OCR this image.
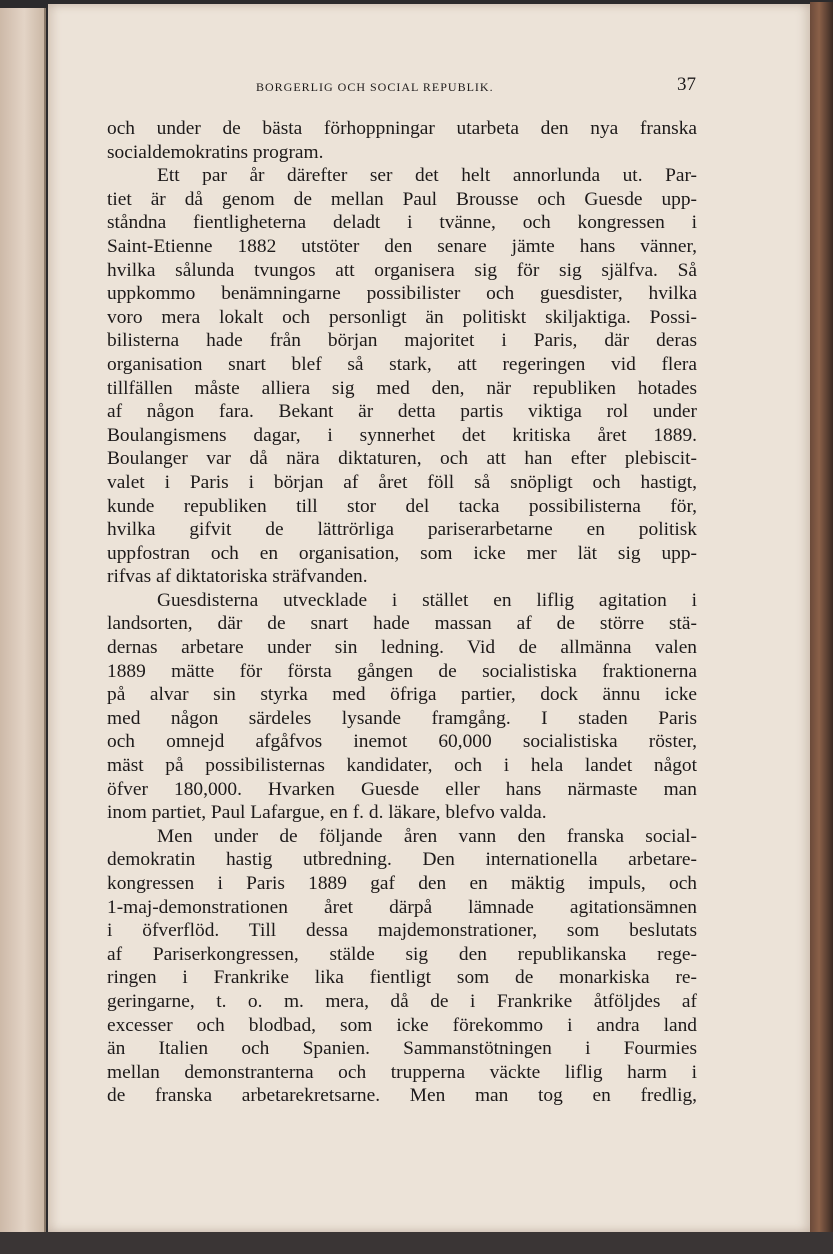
BORGERLIG OCH SOCIAL REPUBLIK.	37
och under de bästa förhoppningar utarbeta den nya franska
socialdemokratins program.
Ett par år därefter ser det helt annorlunda ut. Par-
tiet är då genom de mellan Paul Brousse och Guesde upp-
ståndna fientligheterna deladt i tvänne, och kongressen i
Saint-Etienne 1882 utstöter den senare jämte hans vänner,
hvilka sålunda tvungos att organisera sig för sig själfva. Så
uppkommo benämningarne possibilister och guesdister, hvilka
voro mera lokalt och personligt än politiskt skiljaktiga. Possi-
bilisterna hade från början majoritet i Paris, där deras
organisation snart blef så stark, att regeringen vid flera
tillfällen måste alliera sig med den, när republiken hotades
af någon fara. Bekant är detta partis viktiga rol under
Boulangismens dagar, i synnerhet det kritiska året 1889.
Boulanger var då nära diktaturen, och att han efter plebiscit-
valet i Paris i början af året föll så snöpligt och hastigt,
kunde republiken till stor del tacka possibilisterna för,
hvilka gifvit de lättrörliga pariserarbetarne en politisk
uppfostran och en organisation, som icke mer lät sig upp-
rifvas af diktatoriska sträfvanden.
Guesdisterna utvecklade i stället en liflig agitation i
landsorten, där de snart hade massan af de större stä-
dernas arbetare under sin ledning. Vid de allmänna valen
1889 mätte för första gången de socialistiska fraktionerna
på alvar sin styrka med öfriga partier, dock ännu icke
med någon särdeles lysande framgång. I staden Paris
och omnejd afgåfvos inemot 60,000 socialistiska röster,
mäst på possibilisternas kandidater, och i hela landet något
öfver 180,000. Hvarken Guesde eller hans närmaste man
inom partiet, Paul Lafargue, en f. d. läkare, blefvo valda.
Men under de följande åren vann den franska social-
demokratin hastig utbredning. Den internationella arbetare-
kongressen i Paris 1889 gaf den en mäktig impuls, och
1-maj-demonstrationen året därpå lämnade agitationsämnen
i öfverflöd. Till dessa majdemonstrationer, som beslutats
af Pariserkongressen, stälde sig den republikanska rege-
ringen i Frankrike lika fientligt som de monarkiska re-
geringarne, t. o. m. mera, då de i Frankrike åtföljdes af
excesser och blodbad, som icke förekommo i andra land
än Italien och Spanien. Sammanstötningen i Fourmies
mellan demonstranterna och trupperna väckte liflig harm i
de franska arbetarekretsarne. Men man tog en fredlig,
